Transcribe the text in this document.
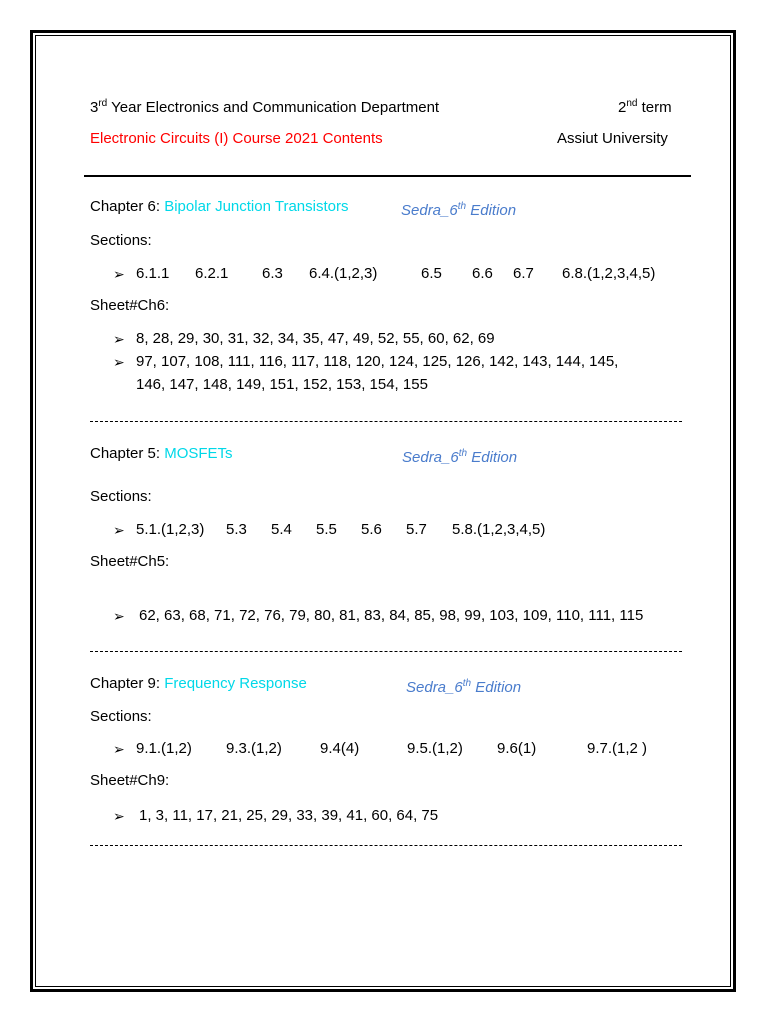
3rd Year Electronics and Communication Department	2nd term
Electronic Circuits (I) Course 2021 Contents	Assiut University
Chapter 6: Bipolar Junction Transistors	Sedra_6th Edition
Sections:
➢ 6.1.1 6.2.1 6.3 6.4.(1,2,3)	6.5 6.6 6.7 6.8.(1,2,3,4,5)
Sheet#Ch6:
➢ 8, 28, 29, 30, 31, 32, 34, 35, 47, 49, 52, 55, 60, 62, 69
➢ 97, 107, 108, 111, 116, 117, 118, 120, 124, 125, 126, 142, 143, 144, 145,
146, 147, 148, 149, 151, 152, 153, 154, 155
Chapter 5: MOSFETs	Sedra_6th Edition
Sections:
➢ 5.1.(1,2,3) 5.3 5.4 5.5 5.6 5.7 5.8.(1,2,3,4,5)
Sheet#Ch5:
➢ 62, 63, 68, 71, 72, 76, 79, 80, 81, 83, 84, 85, 98, 99, 103, 109, 110, 111, 115
Chapter 9: Frequency Response	Sedra_6th Edition
Sections:
➢ 9.1.(1,2) 9.3.(1,2)	9.4(4)	9.5.(1,2) 9.6(1)	9.7.(1,2 )
Sheet#Ch9:
➢ 1, 3, 11, 17, 21, 25, 29, 33, 39, 41, 60, 64, 75
